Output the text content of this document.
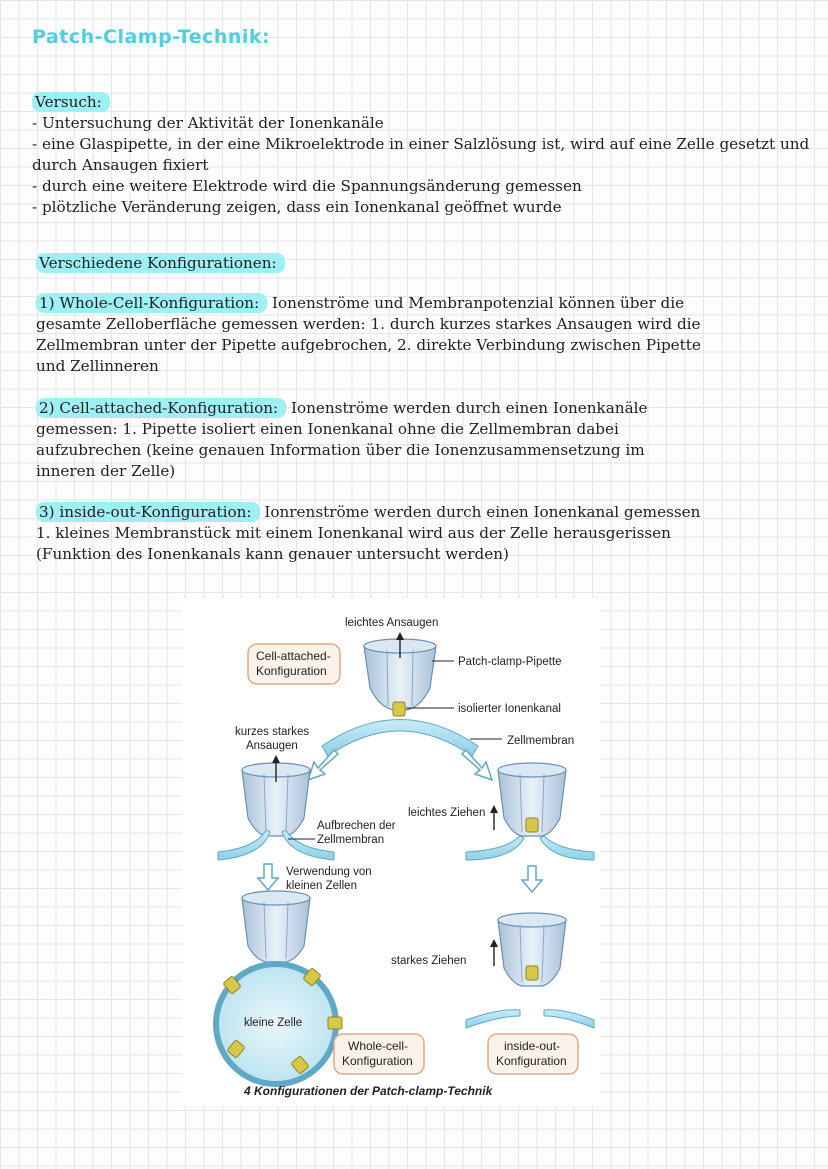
Patch-Clamp-Technik:
Versuch:
- Untersuchung der Aktivität der Ionenkanäle
- eine Glaspipette, in der eine Mikroelektrode in einer Salzlösung ist, wird auf eine Zelle gesetzt und
durch Ansaugen fixiert
- durch eine weitere Elektrode wird die Spannungsänderung gemessen
- plötzliche Veränderung zeigen, dass ein Ionenkanal geöffnet wurde
Verschiedene Konfigurationen:
1) Whole-Cell-Konfiguration: Ionenströme und Membranpotenzial können über die
gesamte Zelloberfläche gemessen werden: 1. durch kurzes starkes Ansaugen wird die
Zellmembran unter der Pipette aufgebrochen, 2. direkte Verbindung zwischen Pipette
und Zellinneren
2) Cell-attached-Konfiguration: Ionenströme werden durch einen Ionenkanäle
gemessen: 1. Pipette isoliert einen Ionenkanal ohne die Zellmembran dabei
aufzubrechen (keine genauen Information über die Ionenzusammensetzung im
inneren der Zelle)
3) inside-out-Konfiguration: Ionrenströme werden durch einen Ionenkanal gemessen
1. kleines Membranstück mit einem Ionenkanal wird aus der Zelle herausgerissen
(Funktion des Ionenkanals kann genauer untersucht werden)
leichtes Ansaugen
Cell-attached-
Konfiguration
Patch-clamp-Pipette
isolierter Ionenkanal
Zellmembran
kurzes starkes
Ansaugen
Aufbrechen der
Zellmembran
leichtes Ziehen
Verwendung von
kleinen Zellen
kleine Zelle
Whole-cell-
Konfiguration
starkes Ziehen
inside-out-
Konfiguration
4 Konfigurationen der Patch-clamp-Technik
